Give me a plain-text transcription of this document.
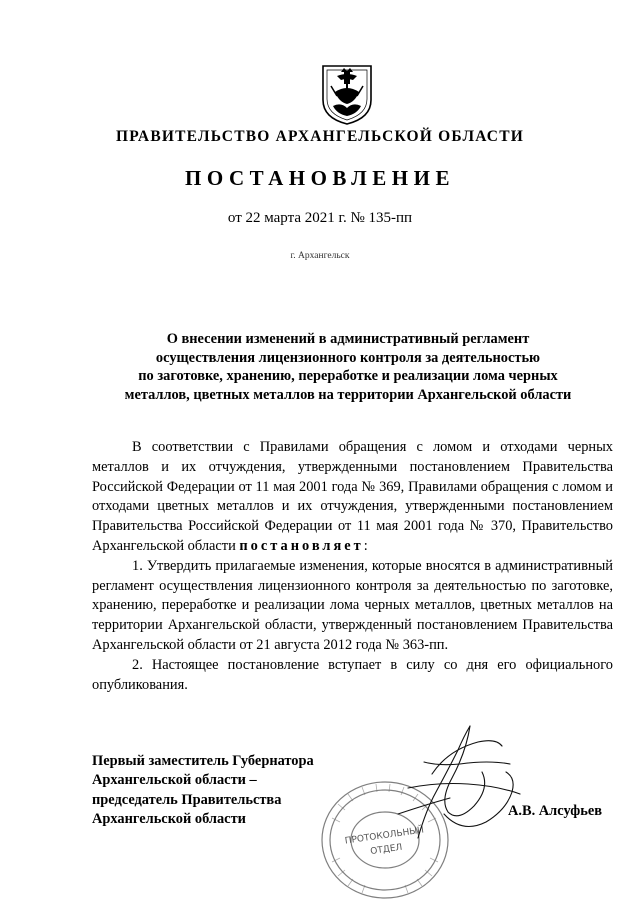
ПРАВИТЕЛЬСТВО АРХАНГЕЛЬСКОЙ ОБЛАСТИ
ПОСТАНОВЛЕНИЕ
от 22 марта 2021 г. № 135-пп
г. Архангельск
О внесении изменений в административный регламент
осуществления лицензионного контроля за деятельностью
по заготовке, хранению, переработке и реализации лома черных
металлов, цветных металлов на территории Архангельской области

В соответствии с Правилами обращения с ломом и отходами черных металлов и их отчуждения, утвержденными постановлением Правительства Российской Федерации от 11 мая 2001 года № 369, Правилами обращения с ломом и отходами цветных металлов и их отчуждения, утвержденными постановлением Правительства Российской Федерации от 11 мая 2001 года № 370, Правительство Архангельской области постановляет:

1. Утвердить прилагаемые изменения, которые вносятся в административный регламент осуществления лицензионного контроля за деятельностью по заготовке, хранению, переработке и реализации лома черных металлов, цветных металлов на территории Архангельской области, утвержденный постановлением Правительства Архангельской области от 21 августа 2012 года № 363-пп.

2. Настоящее постановление вступает в силу со дня его официального опубликования.

Первый заместитель Губернатора
Архангельской области –
председатель Правительства
Архангельской области
А.В. Алсуфьев
ПРОТОКОЛЬНЫЙ
ОТДЕЛ
